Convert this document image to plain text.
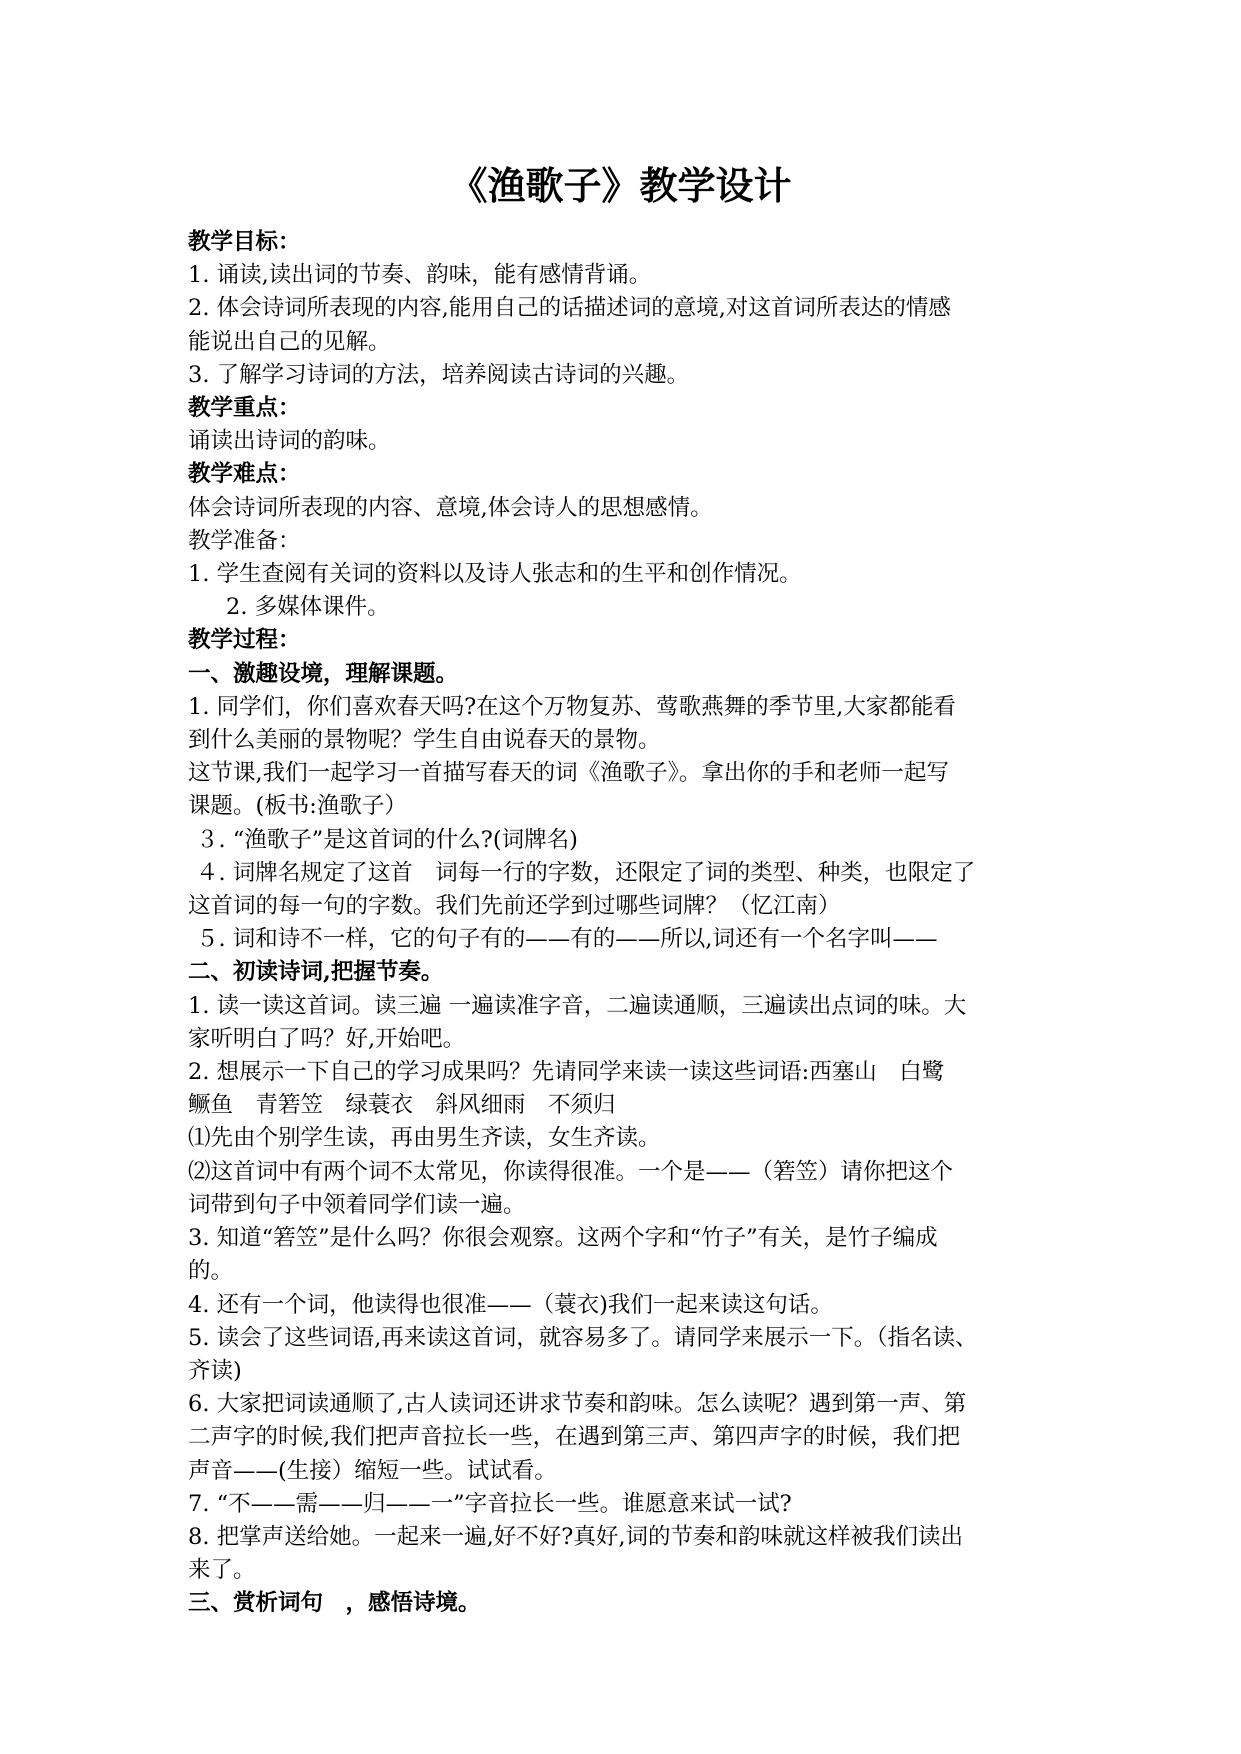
《渔歌子》教学设计
教学目标：
1. 诵读,读出词的节奏、韵味，能有感情背诵。
2. 体会诗词所表现的内容,能用自己的话描述词的意境,对这首词所表达的情感
能说出自己的见解。
3. 了解学习诗词的方法，培养阅读古诗词的兴趣。
教学重点：
诵读出诗词的韵味。
教学难点：
体会诗词所表现的内容、意境,体会诗人的思想感情。
教学准备：
1. 学生查阅有关词的资料以及诗人张志和的生平和创作情况。
2. 多媒体课件。
教学过程：
一、激趣设境，理解课题。
1. 同学们，你们喜欢春天吗?在这个万物复苏、莺歌燕舞的季节里,大家都能看
到什么美丽的景物呢？学生自由说春天的景物。
这节课,我们一起学习一首描写春天的词《渔歌子》。拿出你的手和老师一起写
课题。(板书:渔歌子）
３. “渔歌子”是这首词的什么?(词牌名)
４. 词牌名规定了这首　词每一行的字数，还限定了词的类型、种类，也限定了
这首词的每一句的字数。我们先前还学到过哪些词牌？（忆江南）
５. 词和诗不一样，它的句子有的——有的——所以,词还有一个名字叫——
二、初读诗词,把握节奏。
1. 读一读这首词。读三遍 一遍读准字音，二遍读通顺，三遍读出点词的味。大
家听明白了吗？好,开始吧。
2. 想展示一下自己的学习成果吗？先请同学来读一读这些词语:西塞山　白鹭
鳜鱼　青箬笠　绿蓑衣　斜风细雨　不须归
⑴先由个别学生读，再由男生齐读，女生齐读。
⑵这首词中有两个词不太常见，你读得很准。一个是——（箬笠）请你把这个
词带到句子中领着同学们读一遍。
3. 知道“箬笠”是什么吗？你很会观察。这两个字和“竹子”有关，是竹子编成
的。
4. 还有一个词，他读得也很准——（蓑衣)我们一起来读这句话。
5. 读会了这些词语,再来读这首词，就容易多了。请同学来展示一下。（指名读、
齐读)
6. 大家把词读通顺了,古人读词还讲求节奏和韵味。怎么读呢？遇到第一声、第
二声字的时候,我们把声音拉长一些，在遇到第三声、第四声字的时候，我们把
声音——(生接）缩短一些。试试看。
7. “不——需——归——一”字音拉长一些。谁愿意来试一试?
8. 把掌声送给她。一起来一遍,好不好?真好,词的节奏和韵味就这样被我们读出
来了。
三、赏析词句　，感悟诗境。
